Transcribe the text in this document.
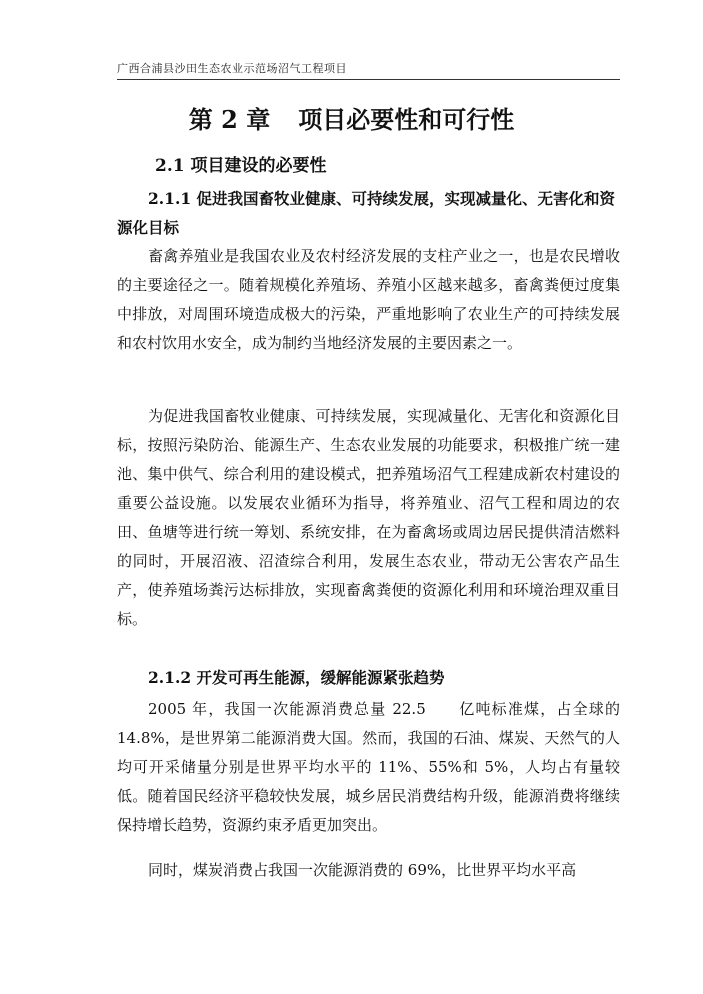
广西合浦县沙田生态农业示范场沼气工程项目
第 2 章 项目必要性和可行性
2.1 项目建设的必要性
2.1.1 促进我国畜牧业健康、可持续发展，实现减量化、无害化和资源化目标
畜禽养殖业是我国农业及农村经济发展的支柱产业之一，也是农民增收的主要途径之一。随着规模化养殖场、养殖小区越来越多，畜禽粪便过度集中排放，对周围环境造成极大的污染，严重地影响了农业生产的可持续发展和农村饮用水安全，成为制约当地经济发展的主要因素之一。
为促进我国畜牧业健康、可持续发展，实现减量化、无害化和资源化目标，按照污染防治、能源生产、生态农业发展的功能要求，积极推广统一建池、集中供气、综合利用的建设模式，把养殖场沼气工程建成新农村建设的重要公益设施。以发展农业循环为指导，将养殖业、沼气工程和周边的农田、鱼塘等进行统一筹划、系统安排，在为畜禽场或周边居民提供清洁燃料的同时，开展沼液、沼渣综合利用，发展生态农业，带动无公害农产品生产，使养殖场粪污达标排放，实现畜禽粪便的资源化利用和环境治理双重目标。
2.1.2 开发可再生能源，缓解能源紧张趋势
2005 年，我国一次能源消费总量 22.5　　亿吨标准煤，占全球的 14.8%，是世界第二能源消费大国。然而，我国的石油、煤炭、天然气的人均可开采储量分别是世界平均水平的 11%、55%和 5%，人均占有量较低。随着国民经济平稳较快发展，城乡居民消费结构升级，能源消费将继续保持增长趋势，资源约束矛盾更加突出。
同时，煤炭消费占我国一次能源消费的 69%，比世界平均水平高
